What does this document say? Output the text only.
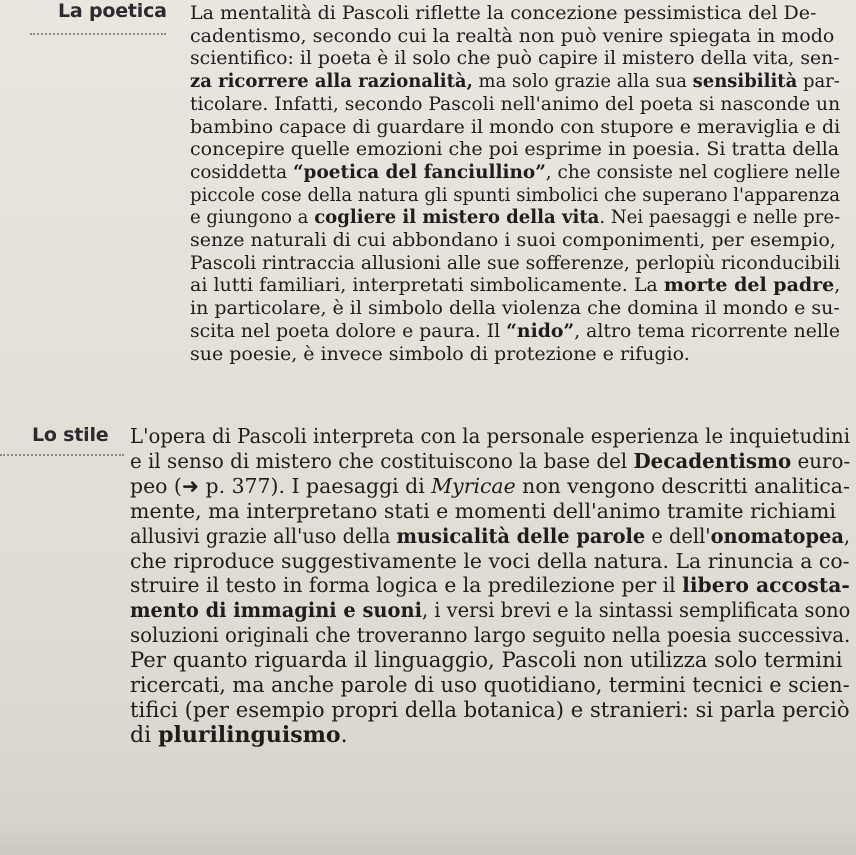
La poetica La mentalità di Pascoli riflette la concezione pessimistica del De-
cadentismo, secondo cui la realtà non può venire spiegata in modo
scientifico: il poeta è il solo che può capire il mistero della vita, sen-
za ricorrere alla razionalità, ma solo grazie alla sua sensibilità par-
ticolare. Infatti, secondo Pascoli nell'animo del poeta si nasconde un
bambino capace di guardare il mondo con stupore e meraviglia e di
concepire quelle emozioni che poi esprime in poesia. Si tratta della
cosiddetta “poetica del fanciullino”, che consiste nel cogliere nelle
piccole cose della natura gli spunti simbolici che superano l'apparenza
e giungono a cogliere il mistero della vita. Nei paesaggi e nelle pre-
senze naturali di cui abbondano i suoi componimenti, per esempio,
Pascoli rintraccia allusioni alle sue sofferenze, perlopiù riconducibili
ai lutti familiari, interpretati simbolicamente. La morte del padre,
in particolare, è il simbolo della violenza che domina il mondo e su-
scita nel poeta dolore e paura. Il “nido”, altro tema ricorrente nelle
sue poesie, è invece simbolo di protezione e rifugio.
Lo stile L'opera di Pascoli interpreta con la personale esperienza le inquietudini
e il senso di mistero che costituiscono la base del Decadentismo euro-
peo (➜ p. 377). I paesaggi di Myricae non vengono descritti analitica-
mente, ma interpretano stati e momenti dell'animo tramite richiami
allusivi grazie all'uso della musicalità delle parole e dell'onomatopea,
che riproduce suggestivamente le voci della natura. La rinuncia a co-
struire il testo in forma logica e la predilezione per il libero accosta-
mento di immagini e suoni, i versi brevi e la sintassi semplificata sono
soluzioni originali che troveranno largo seguito nella poesia successiva.
Per quanto riguarda il linguaggio, Pascoli non utilizza solo termini
ricercati, ma anche parole di uso quotidiano, termini tecnici e scien-
tifici (per esempio propri della botanica) e stranieri: si parla perciò
di plurilinguismo.
